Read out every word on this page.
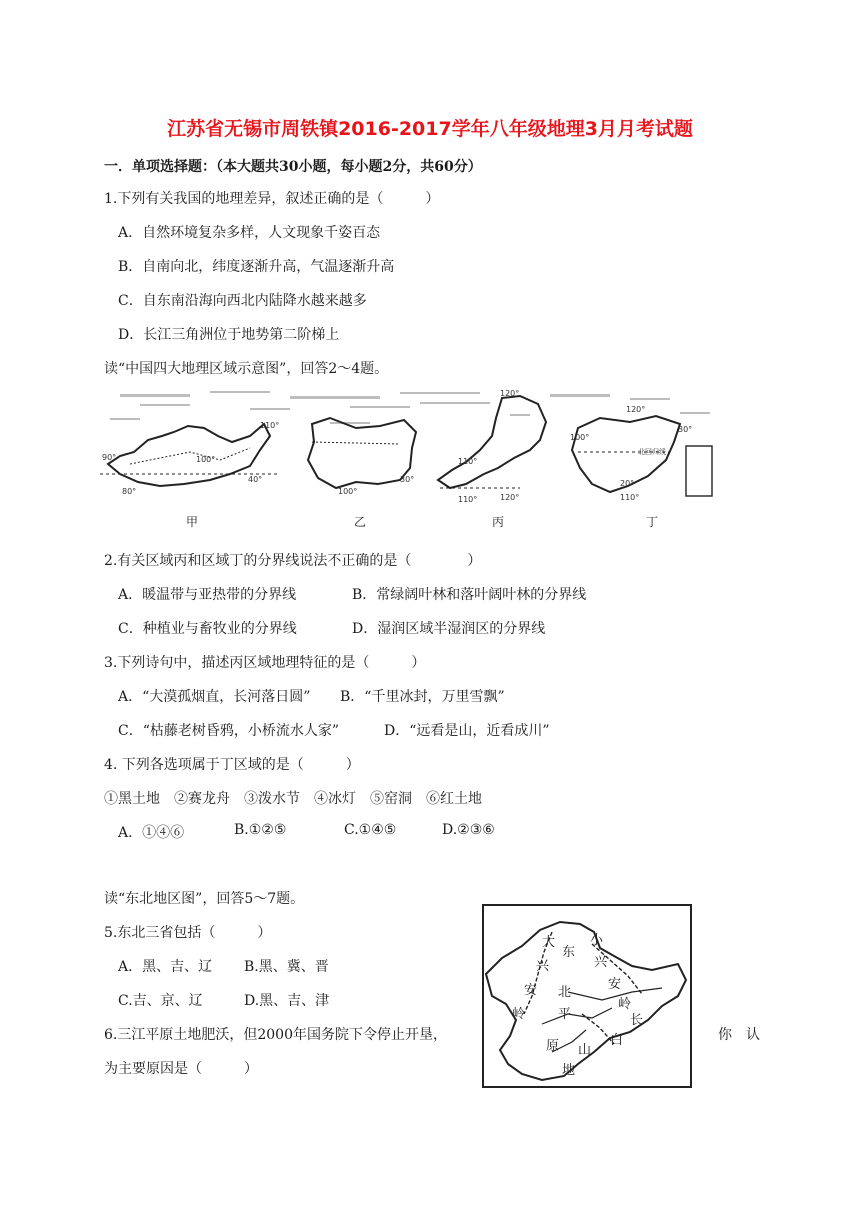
江苏省无锡市周铁镇2016-2017学年八年级地理3月月考试题
一．单项选择题：（本大题共30小题，每小题2分，共60分）
1.下列有关我国的地理差异，叙述正确的是（　　　）
A．自然环境复杂多样，人文现象千姿百态
B．自南向北，纬度逐渐升高，气温逐渐升高
C．自东南沿海向西北内陆降水越来越多
D．长江三角洲位于地势第二阶梯上
读“中国四大地理区域示意图”，回答2～4题。
90°
80°
110°
100°
40°	30°
100°
110°
120°
120°
110°
120°
100°
20°
30°
110°
北回归线
甲	乙	丙	丁
2.有关区域丙和区域丁的分界线说法不正确的是（　　　　）
A．暖温带与亚热带的分界线	B．常绿阔叶林和落叶阔叶林的分界线
C．种植业与畜牧业的分界线	D．湿润区域半湿润区的分界线
3.下列诗句中，描述丙区域地理特征的是（　　　）
A．“大漠孤烟直，长河落日圆” B．“千里冰封，万里雪飘”
C．“枯藤老树昏鸦，小桥流水人家”	D．“远看是山，近看成川”
4. 下列各选项属于丁区域的是（　　　）
①黑土地　②赛龙舟　③泼水节　④冰灯　⑤窑洞　⑥红土地
A．①④⑥	B.①②⑤	C.①④⑤	D.②③⑥
读“东北地区图”，回答5～7题。
5.东北三省包括（　　　）
A．黑、吉、辽 B.黑、冀、晋
C.吉、京、辽	D.黑、吉、津
6.三江平原土地肥沃，但2000年国务院下令停止开垦，	你　认
为主要原因是（　　　）
大
兴
安
岭
东
小
兴
安
岭
北
平
原
长
白
山
地
